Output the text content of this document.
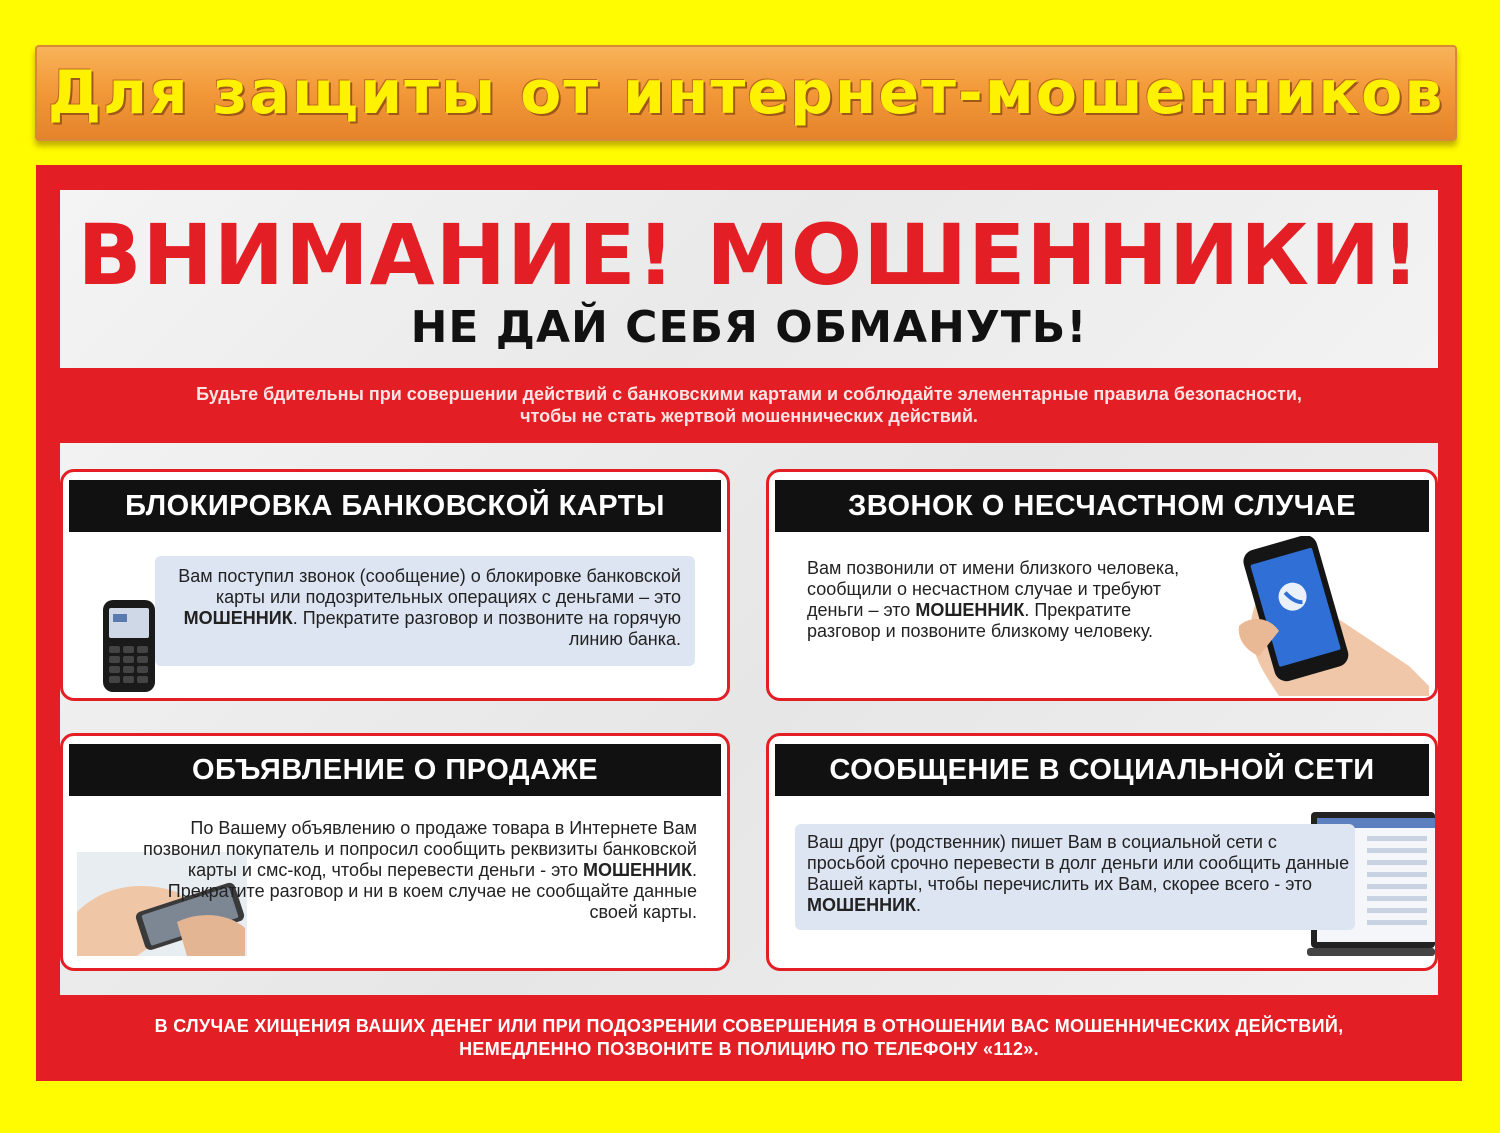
Для защиты от интернет-мошенников
ВНИМАНИЕ! МОШЕННИКИ!
НЕ ДАЙ СЕБЯ ОБМАНУТЬ!
Будьте бдительны при совершении действий с банковскими картами и соблюдайте элементарные правила безопасности,
чтобы не стать жертвой мошеннических действий.
БЛОКИРОВКА БАНКОВСКОЙ КАРТЫ
Вам поступил звонок (сообщение) о блокировке банковской карты или подозрительных операциях с деньгами – это МОШЕННИК. Прекратите разговор и позвоните на горячую линию банка.
ЗВОНОК О НЕСЧАСТНОМ СЛУЧАЕ
Вам позвонили от имени близкого человека, сообщили о несчастном случае и требуют деньги – это МОШЕННИК. Прекратите разговор и позвоните близкому человеку.
ОБЪЯВЛЕНИЕ О ПРОДАЖЕ
По Вашему объявлению о продаже товара в Интернете Вам позвонил покупатель и попросил сообщить реквизиты банковской карты и смс-код, чтобы перевести деньги - это МОШЕННИК. Прекратите разговор и ни в коем случае не сообщайте данные своей карты.
СООБЩЕНИЕ В СОЦИАЛЬНОЙ СЕТИ
Ваш друг (родственник) пишет Вам в социальной сети с просьбой срочно перевести в долг деньги или сообщить данные Вашей карты, чтобы перечислить их Вам, скорее всего - это МОШЕННИК.
В СЛУЧАЕ ХИЩЕНИЯ ВАШИХ ДЕНЕГ ИЛИ ПРИ ПОДОЗРЕНИИ СОВЕРШЕНИЯ В ОТНОШЕНИИ ВАС МОШЕННИЧЕСКИХ ДЕЙСТВИЙ,
НЕМЕДЛЕННО ПОЗВОНИТЕ В ПОЛИЦИЮ ПО ТЕЛЕФОНУ «112».
